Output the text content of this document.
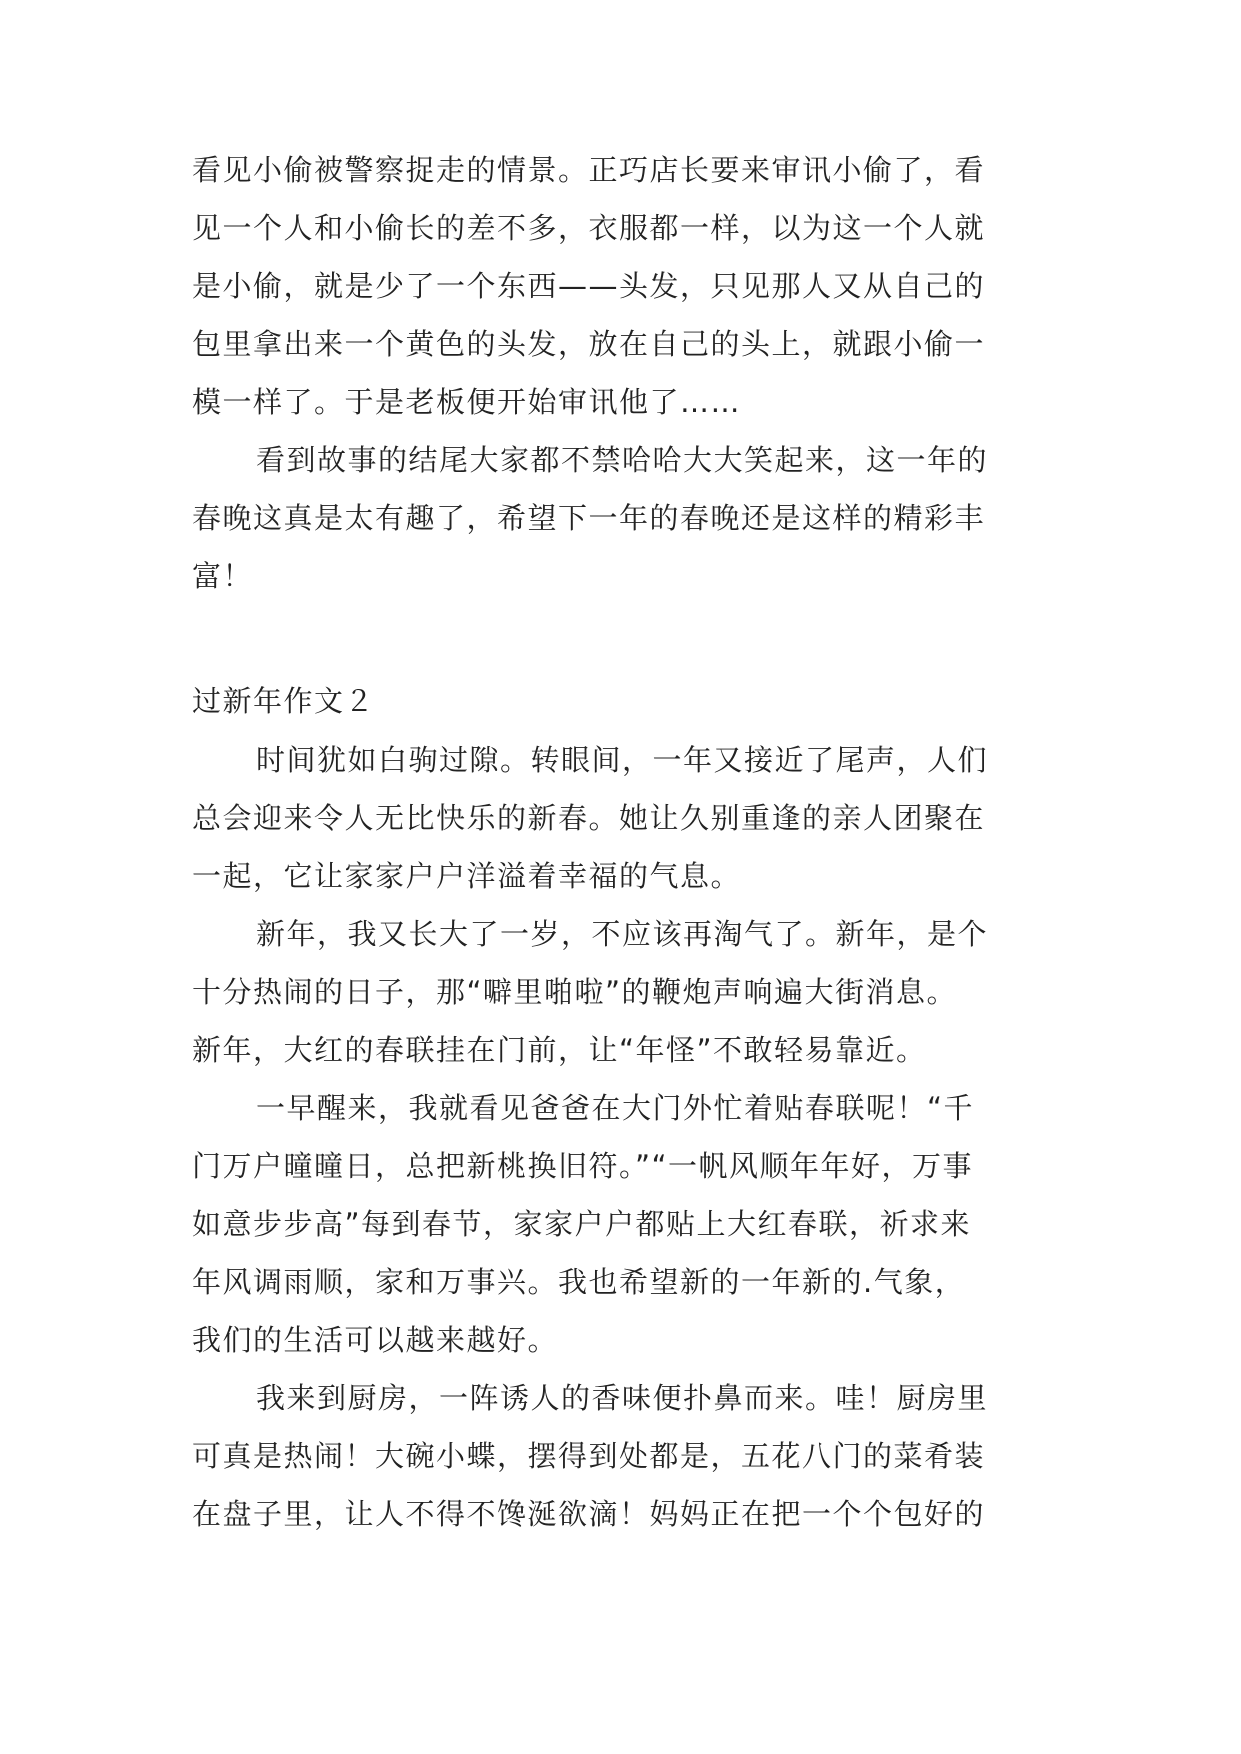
看见小偷被警察捉走的情景。正巧店长要来审讯小偷了，看
见一个人和小偷长的差不多，衣服都一样，以为这一个人就
是小偷，就是少了一个东西——头发，只见那人又从自己的
包里拿出来一个黄色的头发，放在自己的头上，就跟小偷一
模一样了。于是老板便开始审讯他了……
看到故事的结尾大家都不禁哈哈大大笑起来，这一年的
春晚这真是太有趣了，希望下一年的春晚还是这样的精彩丰
富！
过新年作文２
时间犹如白驹过隙。转眼间，一年又接近了尾声，人们
总会迎来令人无比快乐的新春。她让久别重逢的亲人团聚在
一起，它让家家户户洋溢着幸福的气息。
新年，我又长大了一岁，不应该再淘气了。新年，是个
十分热闹的日子，那“噼里啪啦”的鞭炮声响遍大街消息。
新年，大红的春联挂在门前，让“年怪”不敢轻易靠近。
一早醒来，我就看见爸爸在大门外忙着贴春联呢！“千
门万户曈曈日，总把新桃换旧符。”“一帆风顺年年好，万事
如意步步高”每到春节，家家户户都贴上大红春联，祈求来
年风调雨顺，家和万事兴。我也希望新的一年新的.气象，
我们的生活可以越来越好。
我来到厨房，一阵诱人的香味便扑鼻而来。哇！厨房里
可真是热闹！大碗小蝶，摆得到处都是，五花八门的菜肴装
在盘子里，让人不得不馋涎欲滴！妈妈正在把一个个包好的
